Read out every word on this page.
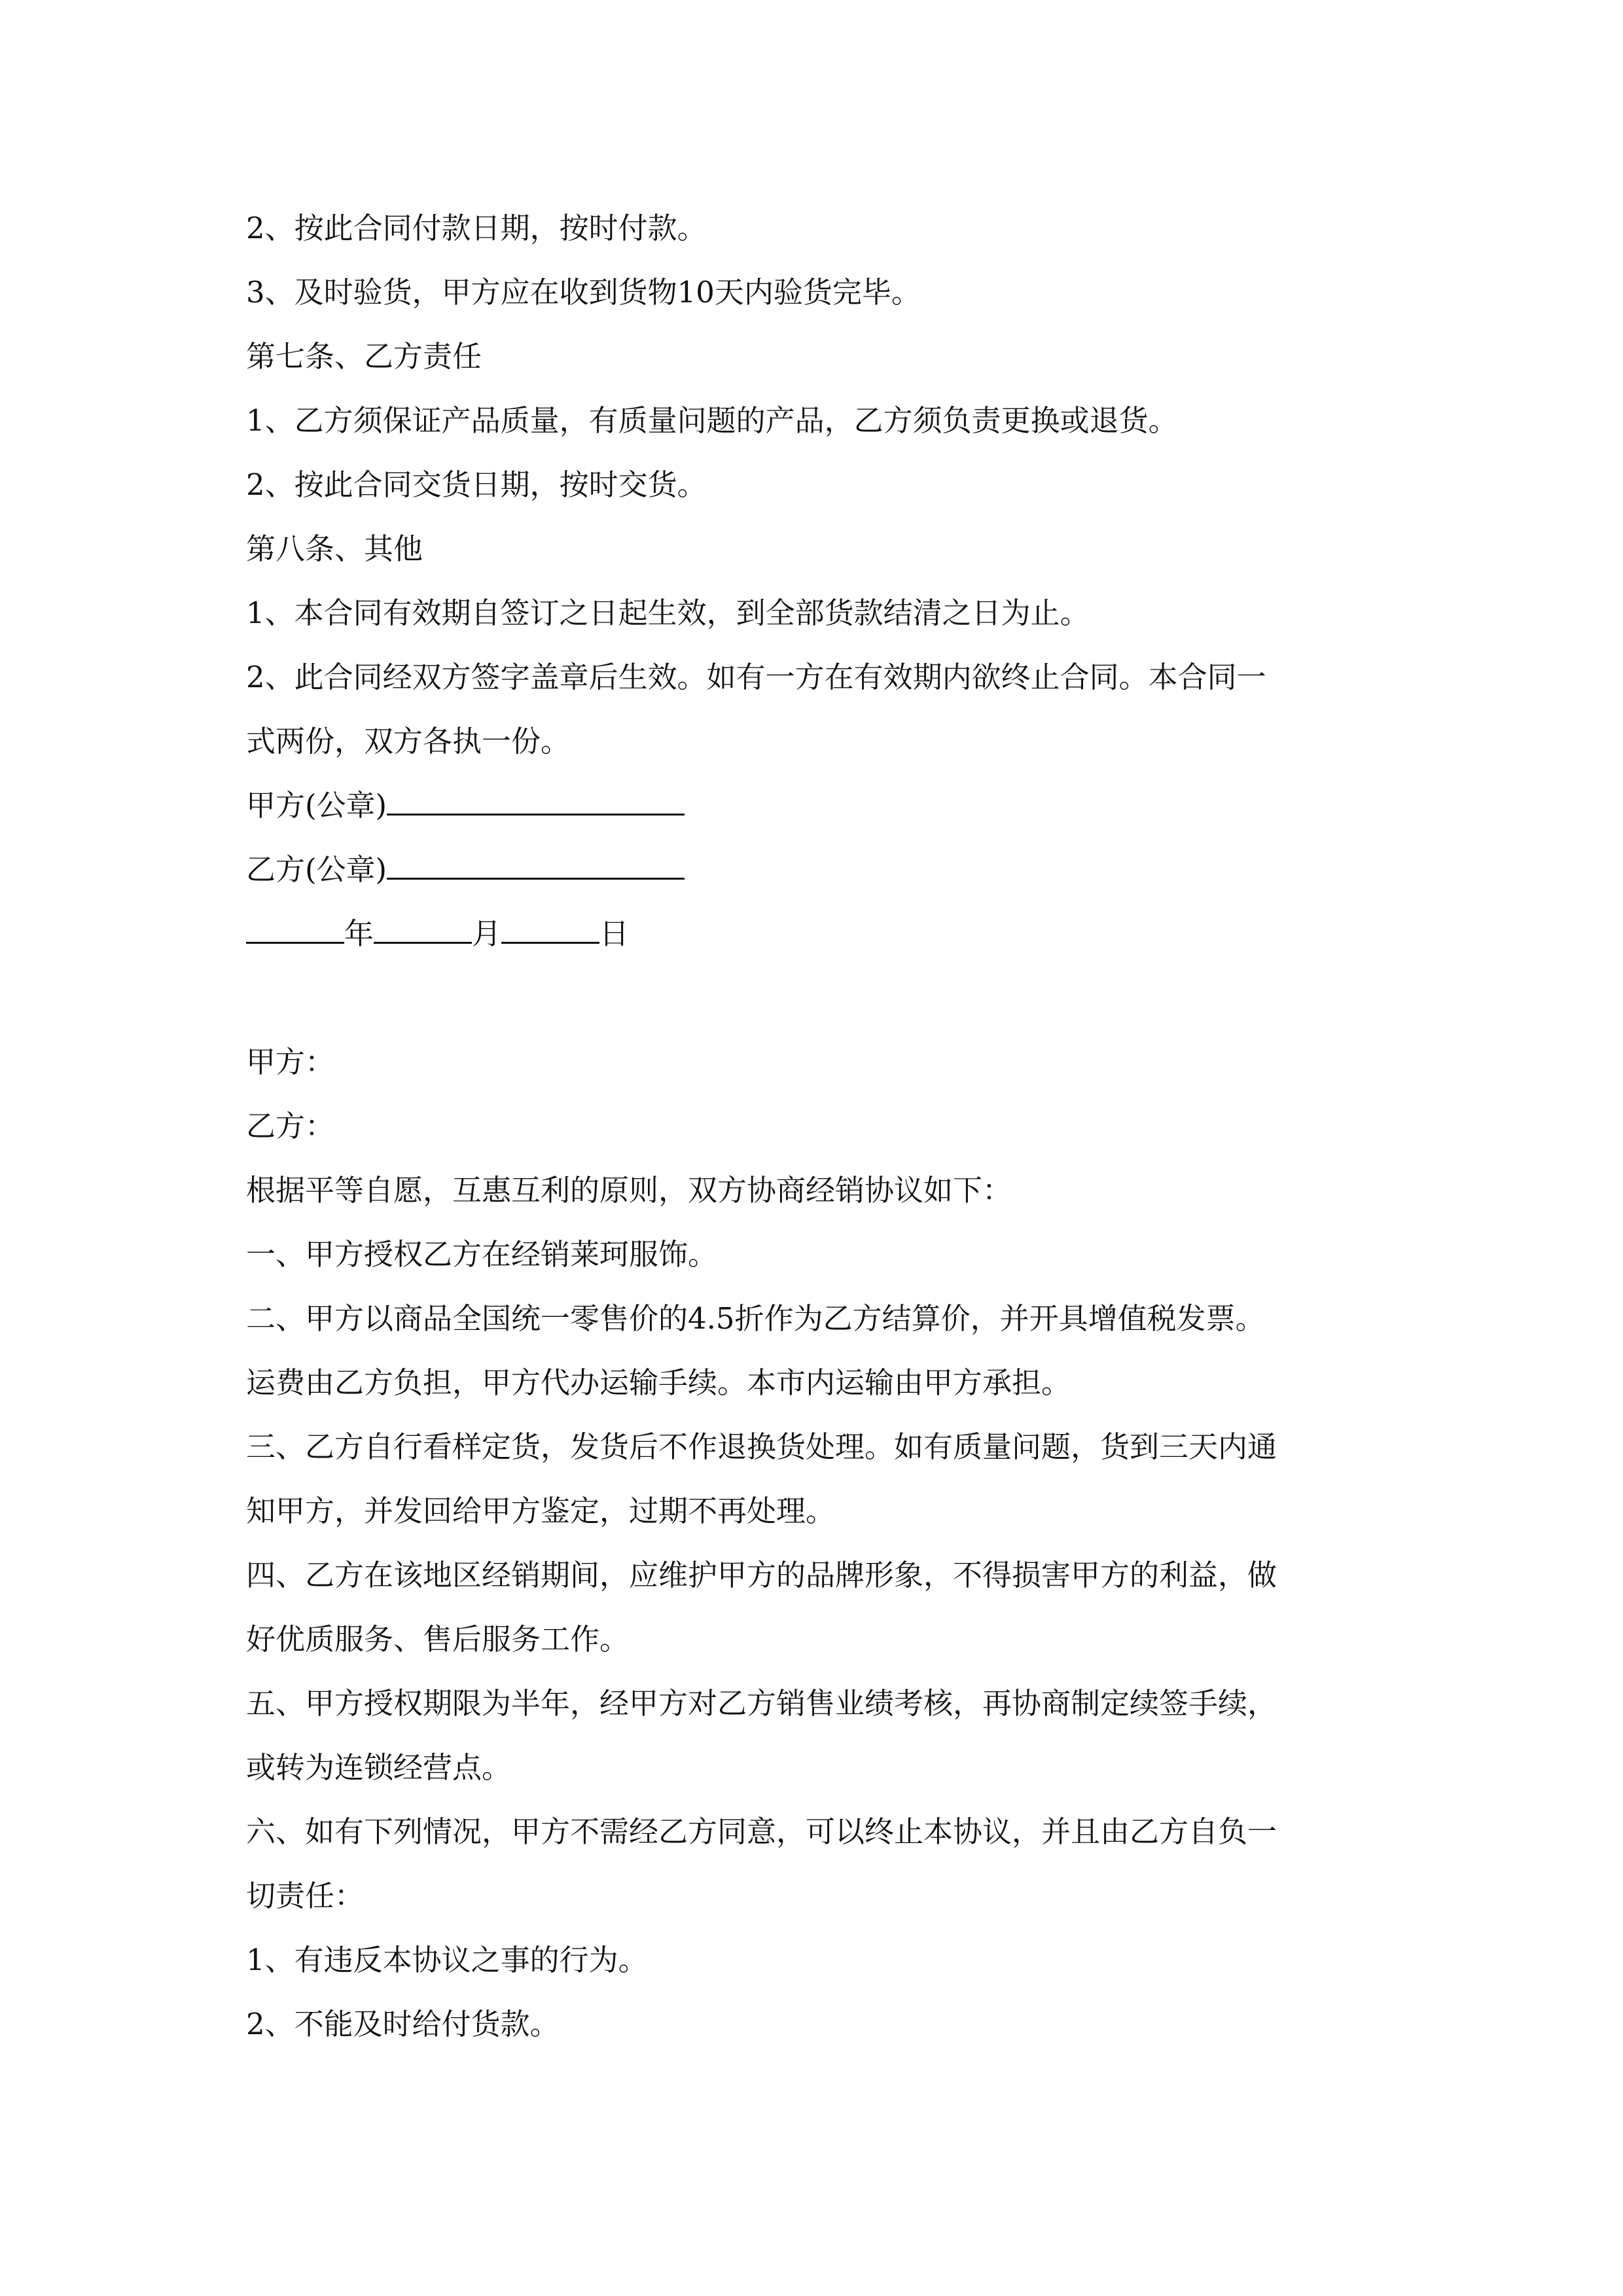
2、按此合同付款日期，按时付款。
3、及时验货，甲方应在收到货物10天内验货完毕。
第七条、乙方责任
1、乙方须保证产品质量，有质量问题的产品，乙方须负责更换或退货。
2、按此合同交货日期，按时交货。
第八条、其他
1、本合同有效期自签订之日起生效，到全部货款结清之日为止。
2、此合同经双方签字盖章后生效。如有一方在有效期内欲终止合同。本合同一
式两份，双方各执一份。
甲方(公章)
乙方(公章)
年	月	日
甲方：
乙方：
根据平等自愿，互惠互利的原则，双方协商经销协议如下：
一、甲方授权乙方在经销莱珂服饰。
二、甲方以商品全国统一零售价的4.5折作为乙方结算价，并开具增值税发票。
运费由乙方负担，甲方代办运输手续。本市内运输由甲方承担。
三、乙方自行看样定货，发货后不作退换货处理。如有质量问题，货到三天内通
知甲方，并发回给甲方鉴定，过期不再处理。
四、乙方在该地区经销期间，应维护甲方的品牌形象，不得损害甲方的利益，做
好优质服务、售后服务工作。
五、甲方授权期限为半年，经甲方对乙方销售业绩考核，再协商制定续签手续，
或转为连锁经营点。
六、如有下列情况，甲方不需经乙方同意，可以终止本协议，并且由乙方自负一
切责任：
1、有违反本协议之事的行为。
2、不能及时给付货款。
